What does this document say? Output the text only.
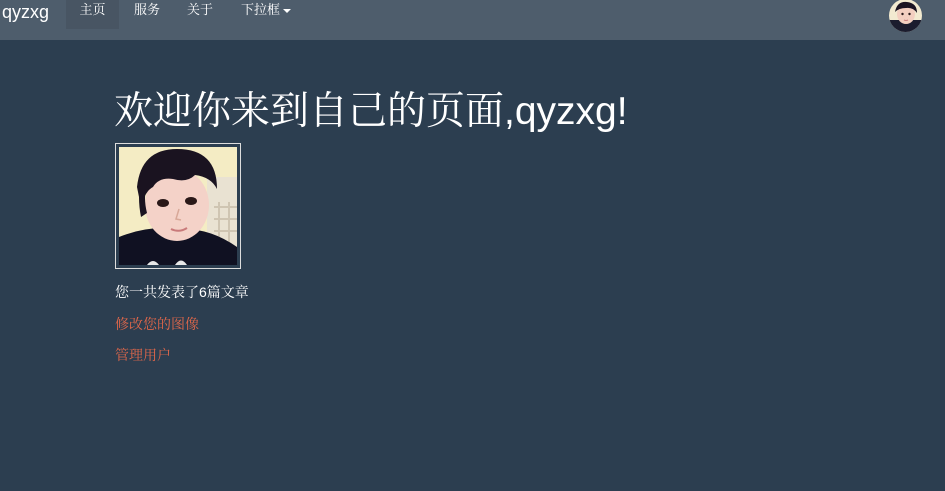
qyzxg	主页	服务	关于	下拉框
欢迎你来到自己的页面,qyzxg!
您一共发表了6篇文章
修改您的图像
管理用户
